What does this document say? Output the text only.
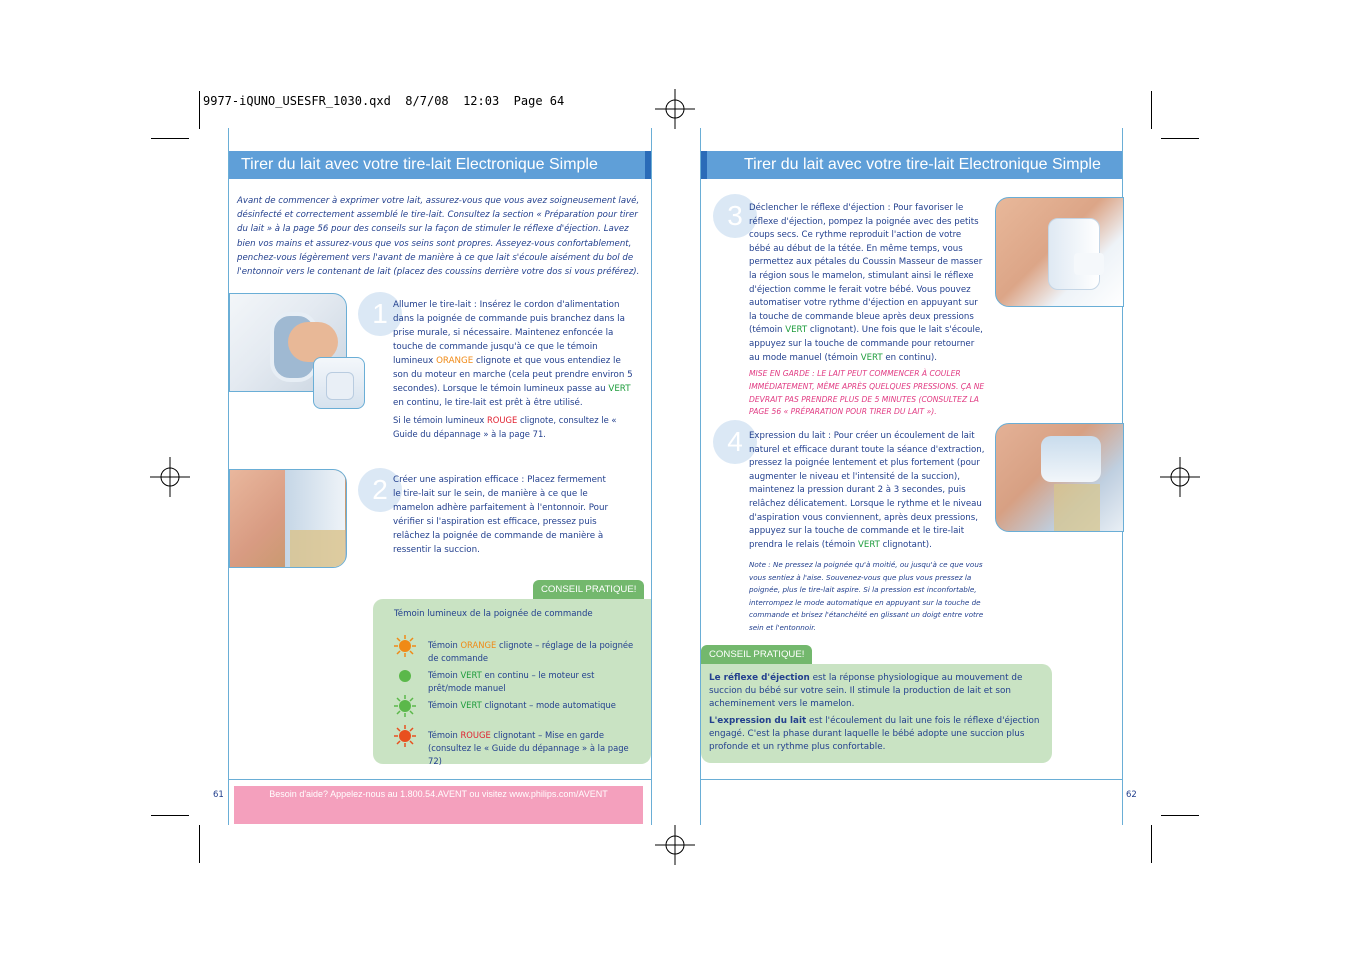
9977-iQUNO_USESFR_1030.qxd  8/7/08  12:03  Page 64
Tirer du lait avec votre tire-lait Electronique Simple
Avant de commencer à exprimer votre lait, assurez-vous que vous avez soigneusement lavé, désinfecté et correctement assemblé le tire-lait. Consultez la section « Préparation pour tirer du lait » à la page 56 pour des conseils sur la façon de stimuler le réflexe d'éjection. Lavez bien vos mains et assurez-vous que vos seins sont propres. Asseyez-vous confortablement, penchez-vous légèrement vers l'avant de manière à ce que lait s'écoule aisément du bol de l'entonnoir vers le contenant de lait (placez des coussins derrière votre dos si vous préférez).
1 Allumer le tire-lait : Insérez le cordon d'alimentation dans la poignée de commande puis branchez dans la prise murale, si nécessaire. Maintenez enfoncée la touche de commande jusqu'à ce que le témoin lumineux ORANGE clignote et que vous entendiez le son du moteur en marche (cela peut prendre environ 5 secondes). Lorsque le témoin lumineux passe au VERT en continu, le tire-lait est prêt à être utilisé.

Si le témoin lumineux ROUGE clignote, consultez le « Guide du dépannage » à la page 71.

2 Créer une aspiration efficace : Placez fermement le tire-lait sur le sein, de manière à ce que le mamelon adhère parfaitement à l'entonnoir. Pour vérifier si l'aspiration est efficace, pressez puis relâchez la poignée de commande de manière à ressentir la succion.
CONSEIL PRATIQUE!
Témoin lumineux de la poignée de commande
Témoin ORANGE clignote – réglage de la poignée de commande
Témoin VERT en continu – le moteur est prêt/mode manuel
Témoin VERT clignotant – mode automatique
Témoin ROUGE clignotant – Mise en garde (consultez le « Guide du dépannage » à la page 72)
61	Besoin d'aide? Appelez-nous au 1.800.54.AVENT ou visitez www.philips.com/AVENT
Tirer du lait avec votre tire-lait Electronique Simple
3 Déclencher le réflexe d'éjection : Pour favoriser le réflexe d'éjection, pompez la poignée avec des petits coups secs. Ce rythme reproduit l'action de votre bébé au début de la tétée. En même temps, vous permettez aux pétales du Coussin Masseur de masser la région sous le mamelon, stimulant ainsi le réflexe d'éjection comme le ferait votre bébé. Vous pouvez automatiser votre rythme d'éjection en appuyant sur la touche de commande bleue après deux pressions (témoin VERT clignotant). Une fois que le lait s'écoule, appuyez sur la touche de commande pour retourner au mode manuel (témoin VERT en continu).

MISE EN GARDE : LE LAIT PEUT COMMENCER À COULER IMMÉDIATEMENT, MÊME APRÈS QUELQUES PRESSIONS. ÇA NE DEVRAIT PAS PRENDRE PLUS DE 5 MINUTES (CONSULTEZ LA PAGE 56 « PRÉPARATION POUR TIRER DU LAIT »).
4 Expression du lait : Pour créer un écoulement de lait naturel et efficace durant toute la séance d'extraction, pressez la poignée lentement et plus fortement (pour augmenter le niveau et l'intensité de la succion), maintenez la pression durant 2 à 3 secondes, puis relâchez délicatement. Lorsque le rythme et le niveau d'aspiration vous conviennent, après deux pressions, appuyez sur la touche de commande et le tire-lait prendra le relais (témoin VERT clignotant).

Note : Ne pressez la poignée qu'à moitié, ou jusqu'à ce que vous vous sentiez à l'aise. Souvenez-vous que plus vous pressez la poignée, plus le tire-lait aspire. Si la pression est inconfortable, interrompez le mode automatique en appuyant sur la touche de commande et brisez l'étanchéité en glissant un doigt entre votre sein et l'entonnoir.
CONSEIL PRATIQUE!

Le réflexe d'éjection est la réponse physiologique au mouvement de succion du bébé sur votre sein. Il stimule la production de lait et son acheminement vers le mamelon.

L'expression du lait est l'écoulement du lait une fois le réflexe d'éjection engagé. C'est la phase durant laquelle le bébé adopte une succion plus profonde et un rythme plus confortable.

62
